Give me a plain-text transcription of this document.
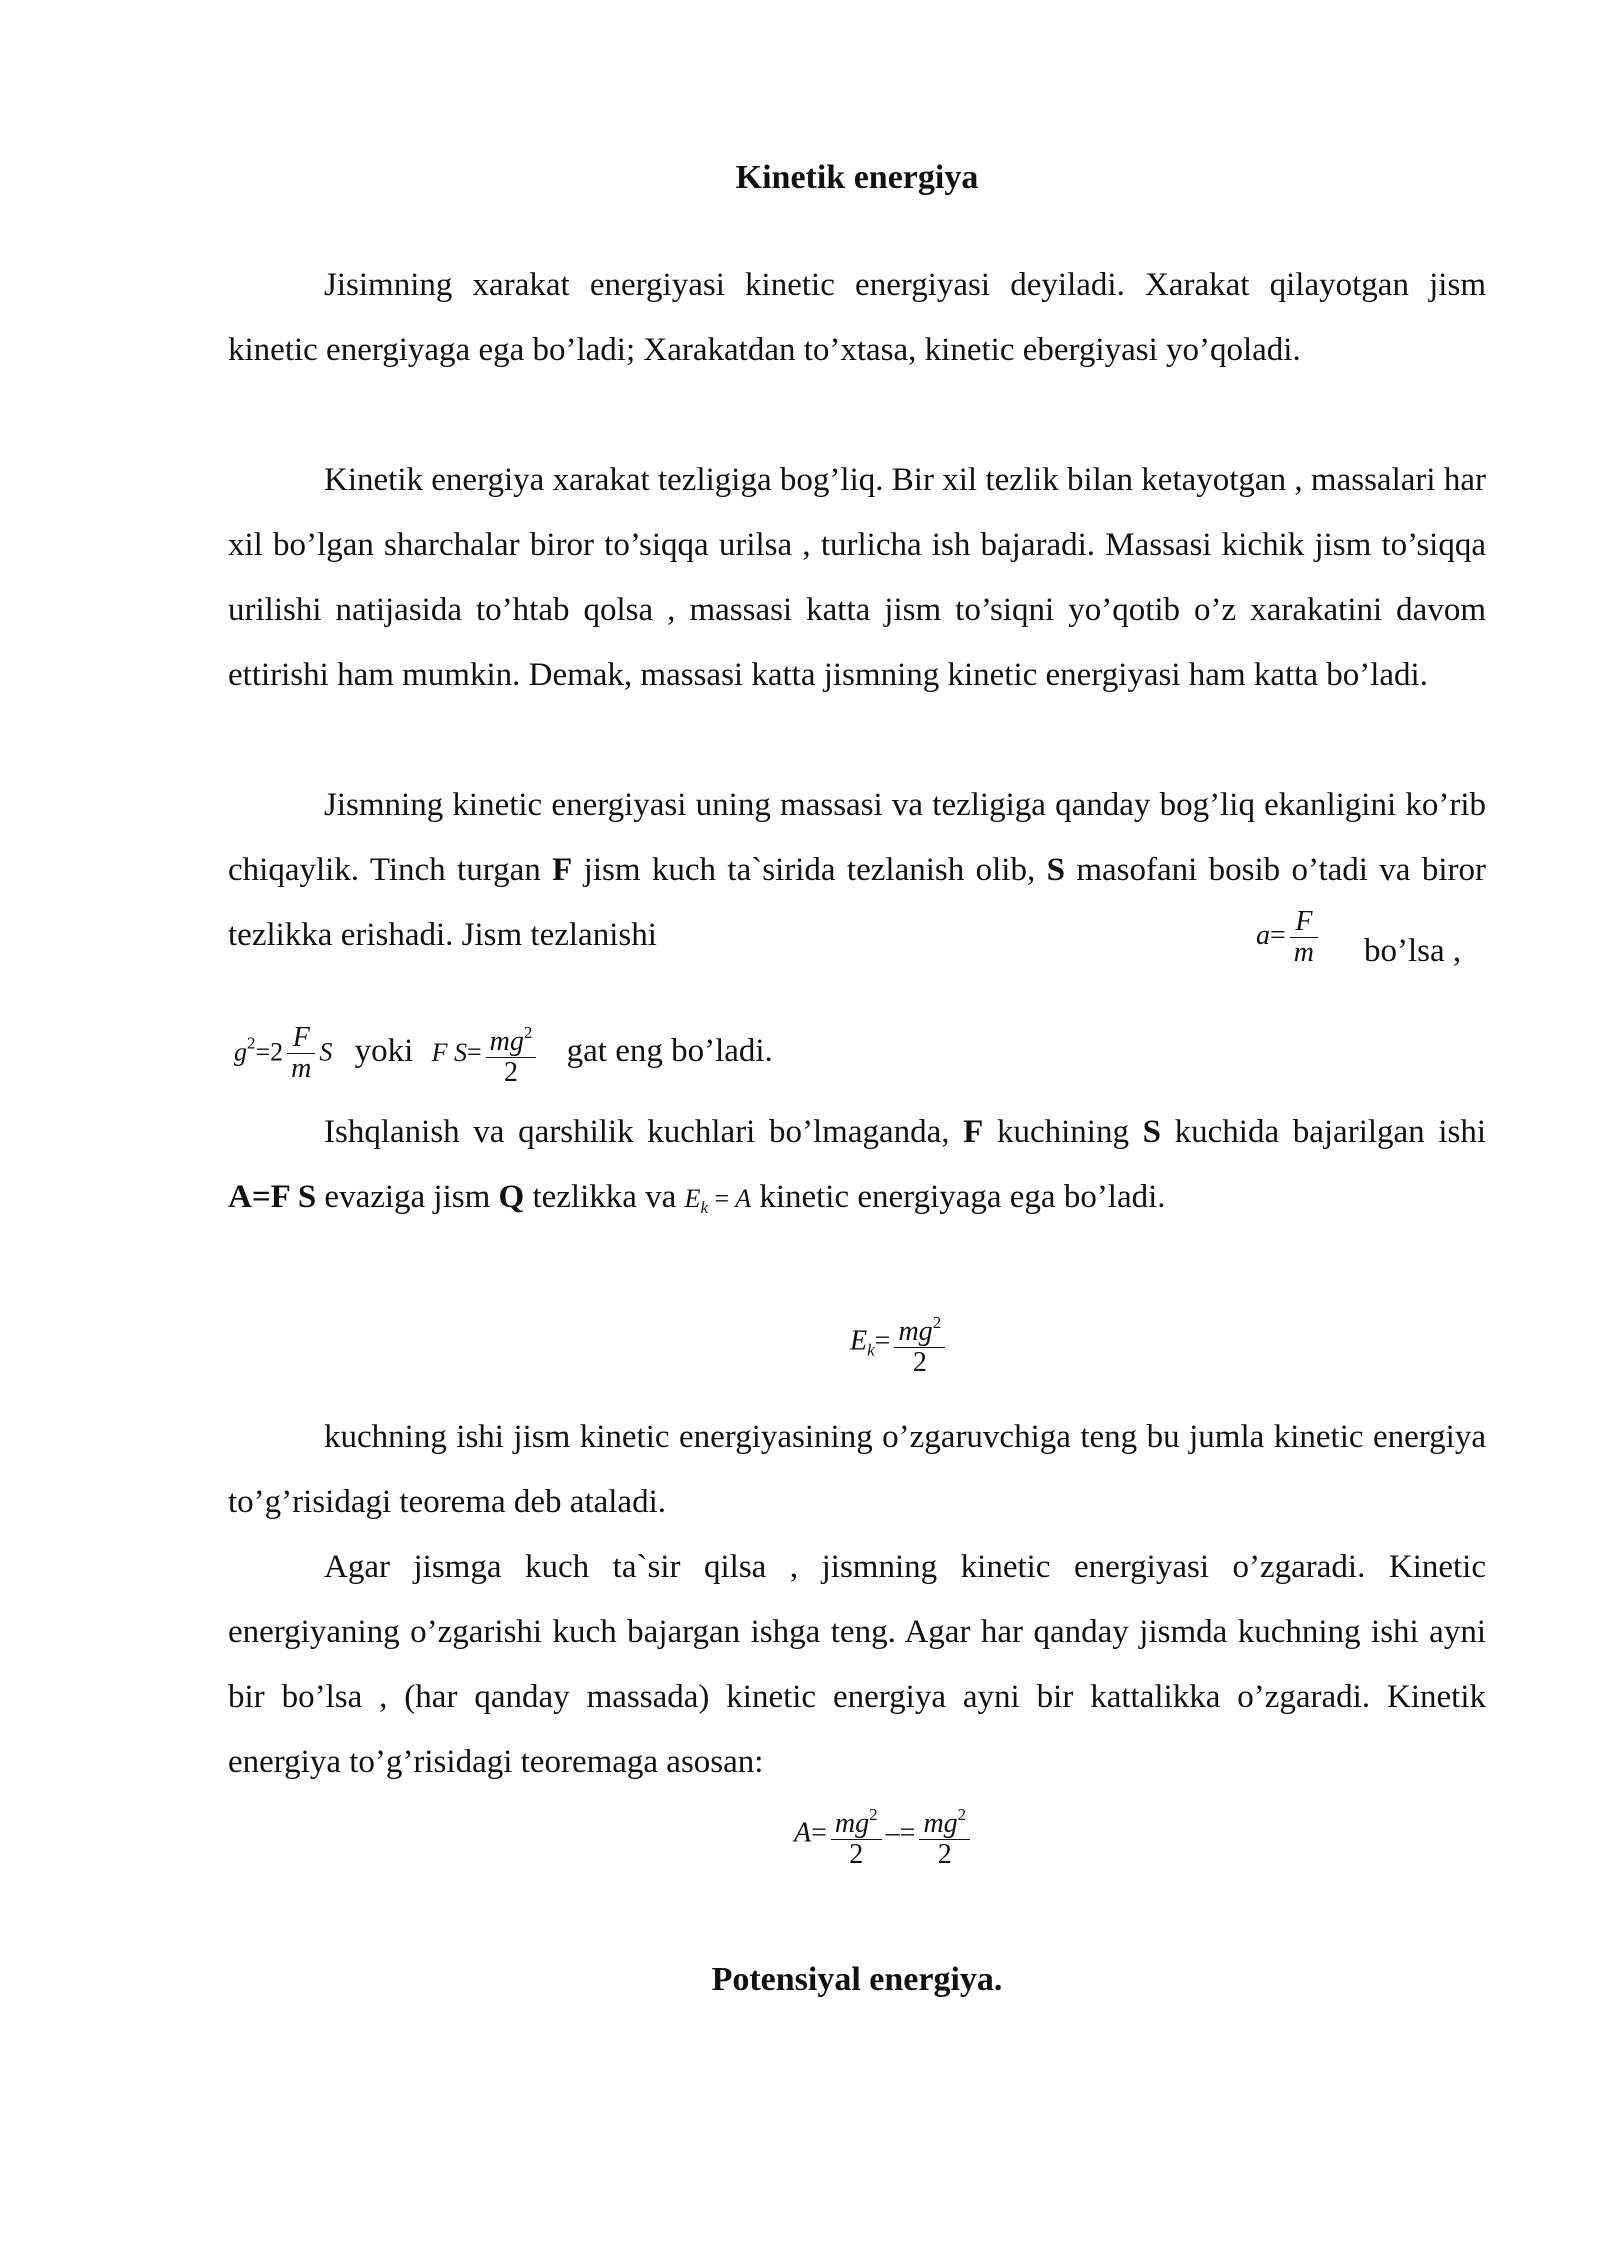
Kinetik energiya

Jisimning xarakat energiyasi kinetic energiyasi deyiladi. Xarakat qilayotgan jism kinetic energiyaga ega bo’ladi; Xarakatdan to’xtasa, kinetic ebergiyasi yo’qoladi.

Kinetik energiya xarakat tezligiga bog’liq. Bir xil tezlik bilan ketayotgan , massalari har xil bo’lgan sharchalar biror to’siqqa urilsa , turlicha ish bajaradi. Massasi kichik jism to’siqqa urilishi natijasida to’htab qolsa , massasi katta jism to’siqni yo’qotib o’z xarakatini davom ettirishi ham mumkin. Demak, massasi katta jismning kinetic energiyasi ham katta bo’ladi.

Jismning kinetic energiyasi uning massasi va tezligiga qanday bog’liq ekanligini ko’rib chiqaylik. Tinch turgan F jism kuch ta`sirida tezlanish olib, S masofani bosib o’tadi va biror tezlikka erishadi. Jism tezlanishi	$a= \frac{F}{m}$ bo’lsa ,
$g^2=2 \frac{F}{m}$ S yoki F $S= \frac{mg^2}{2}$ gat eng bo’ladi.

Ishqlanish va qarshilik kuchlari bo’lmaganda, F kuchining S kuchida bajarilgan ishi A=F S evaziga jism Q tezlikka va $E_k = A$ kinetic energiyaga ega bo’ladi.

$E_k= \frac{mg^2}{2}$

kuchning ishi jism kinetic energiyasining o’zgaruvchiga teng bu jumla kinetic energiya to’g’risidagi teorema deb ataladi.

Agar jismga kuch ta`sir qilsa , jismning kinetic energiyasi o’zgaradi. Kinetic energiyaning o’zgarishi kuch bajargan ishga teng. Agar har qanday jismda kuchning ishi ayni bir bo’lsa , (har qanday massada) kinetic energiya ayni bir kattalikka o’zgaradi. Kinetik energiya to’g’risidagi teoremaga asosan:

$A= \frac{mg^2}{2} -= \frac{mg^2}{2}$
Potensiyal energiya.
